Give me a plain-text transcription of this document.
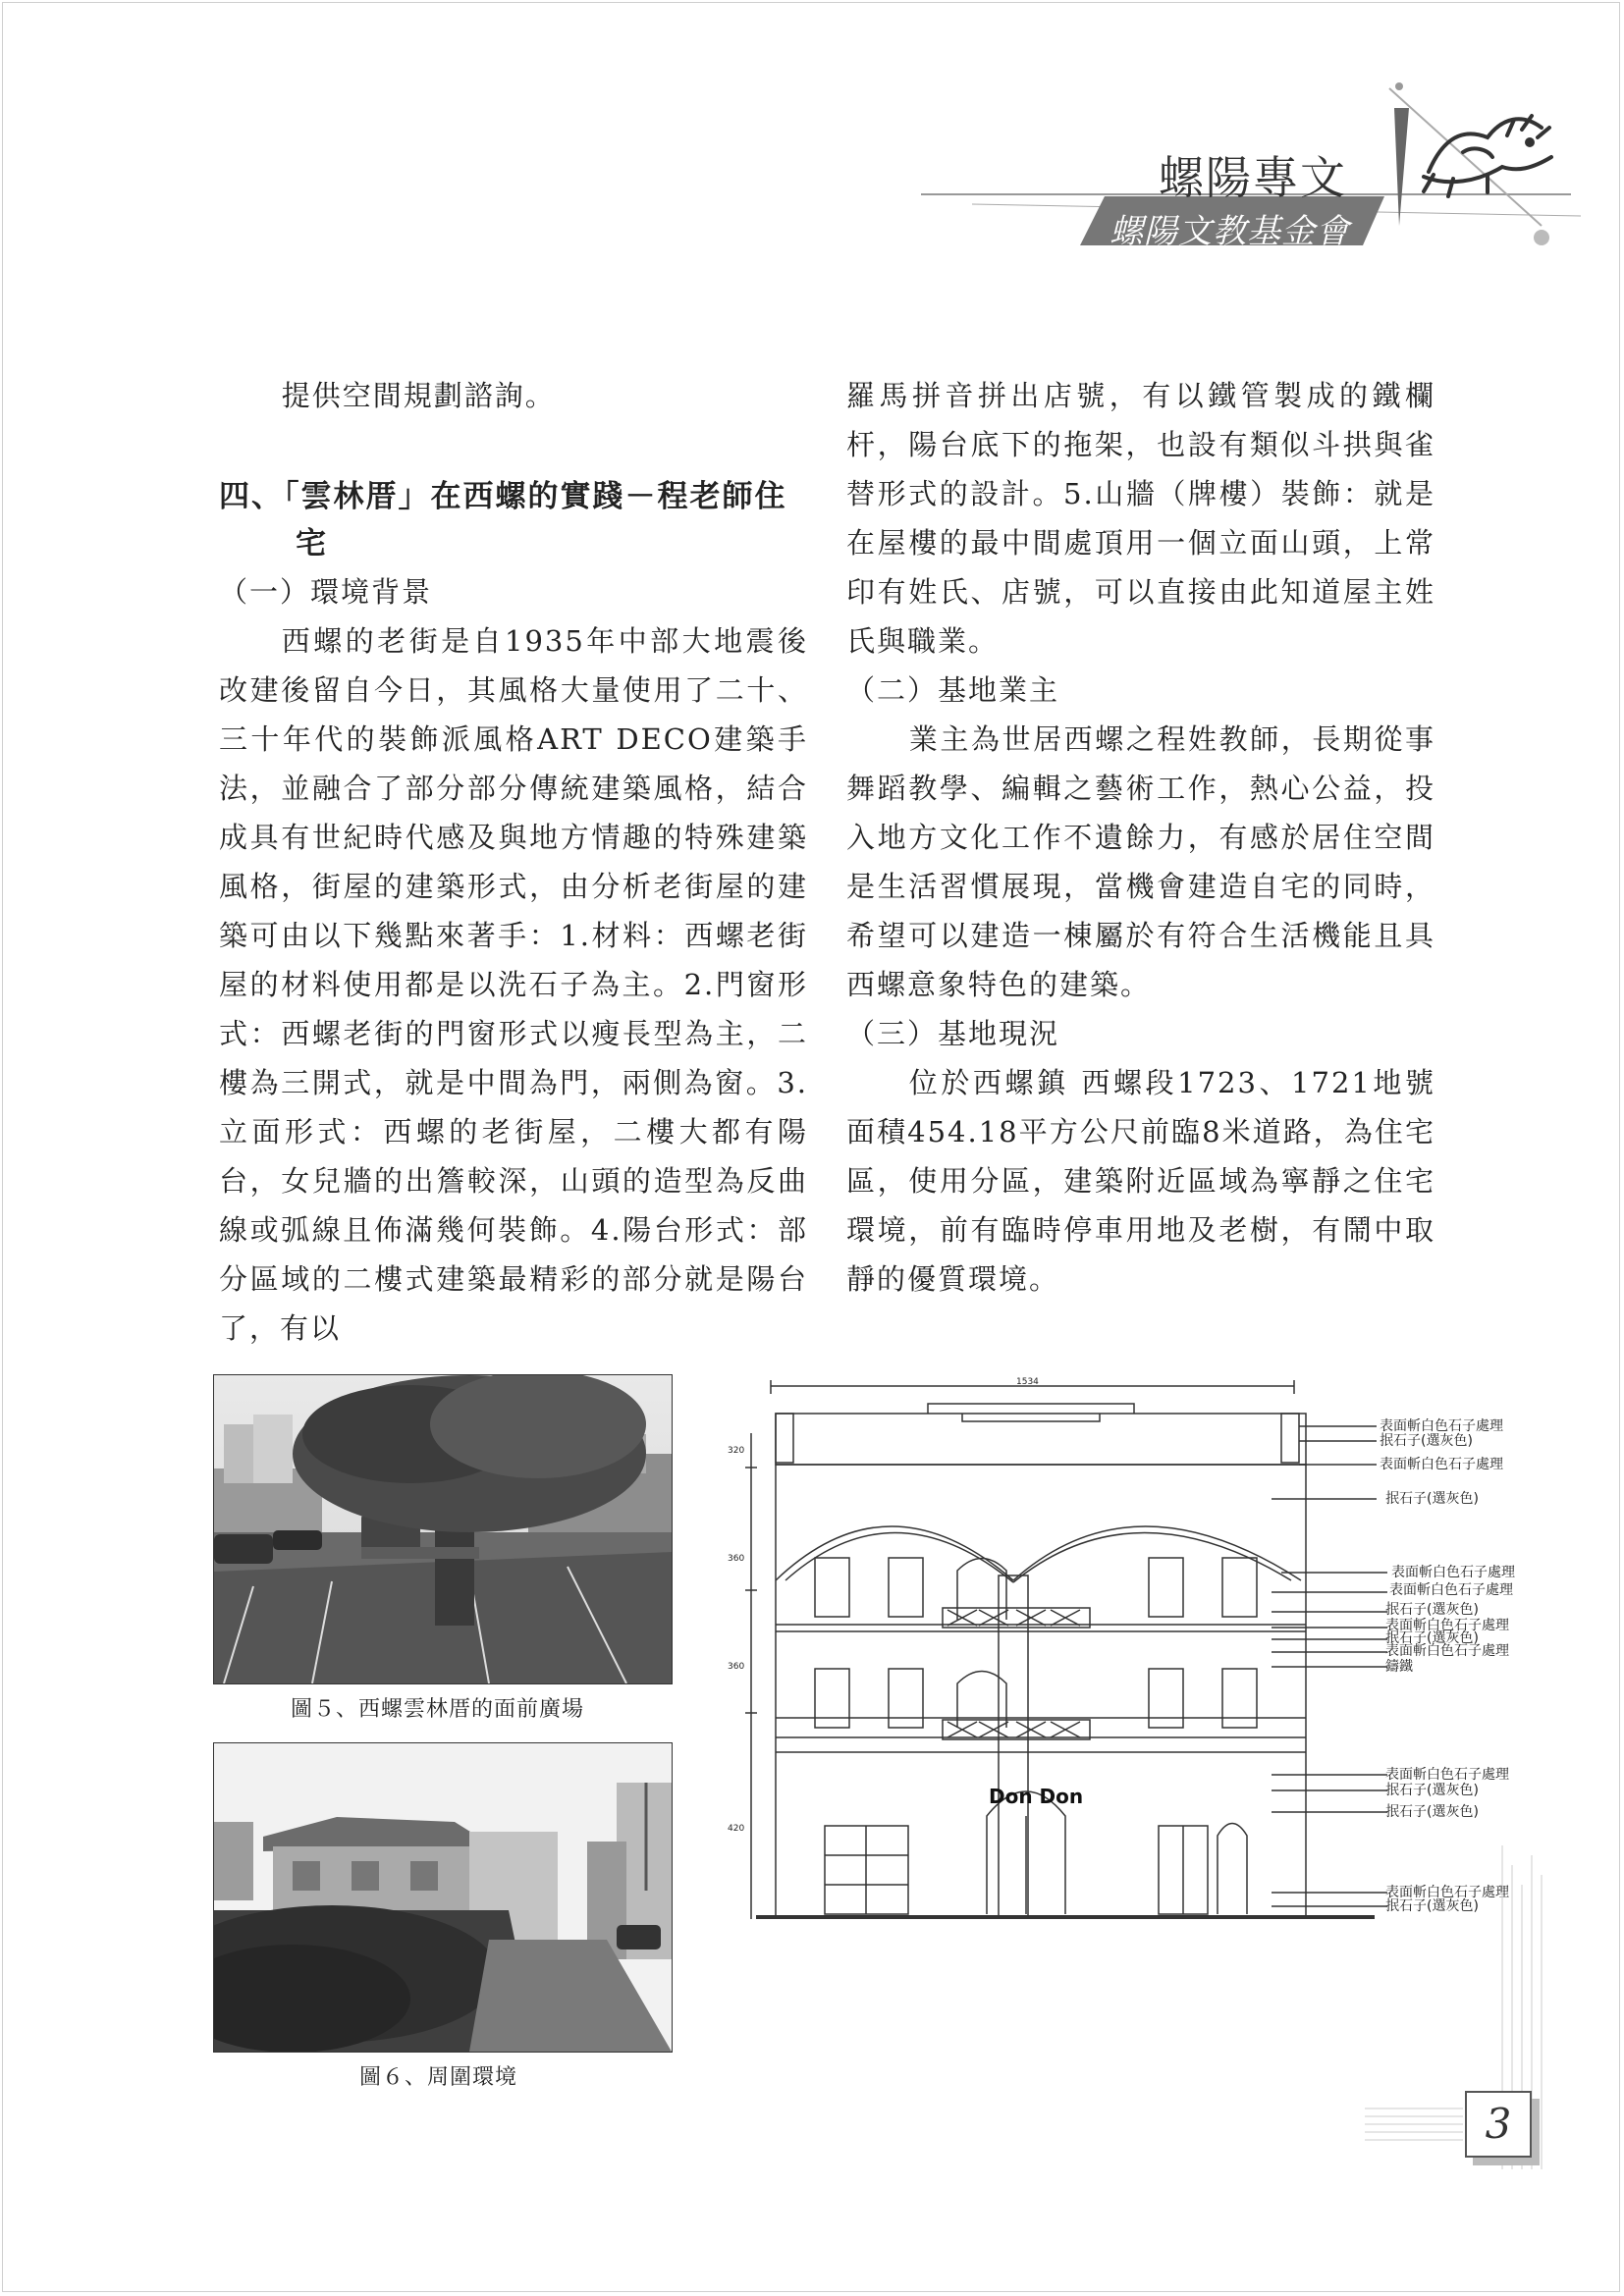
螺陽專文
螺陽文教基金會

提供空間規劃諮詢。

四、「雲林厝」在西螺的實踐－程老師住宅

（一）環境背景

西螺的老街是自1935年中部大地震後改建後留自今日，其風格大量使用了二十、三十年代的裝飾派風格ART DECO建築手法，並融合了部分部分傳統建築風格，結合成具有世紀時代感及與地方情趣的特殊建築風格，街屋的建築形式，由分析老街屋的建築可由以下幾點來著手：1.材料：西螺老街屋的材料使用都是以洗石子為主。2.門窗形式：西螺老街的門窗形式以瘦長型為主，二樓為三開式，就是中間為門，兩側為窗。3.立面形式：西螺的老街屋，二樓大都有陽台，女兒牆的出簷較深，山頭的造型為反曲線或弧線且佈滿幾何裝飾。4.陽台形式：部分區域的二樓式建築最精彩的部分就是陽台了，有以

羅馬拼音拼出店號，有以鐵管製成的鐵欄杆，陽台底下的拖架，也設有類似斗拱與雀替形式的設計。5.山牆（牌樓）裝飾：就是在屋樓的最中間處頂用一個立面山頭，上常印有姓氏、店號，可以直接由此知道屋主姓氏與職業。

（二）基地業主

業主為世居西螺之程姓教師，長期從事舞蹈教學、編輯之藝術工作，熱心公益，投入地方文化工作不遺餘力，有感於居住空間是生活習慣展現，當機會建造自宅的同時，希望可以建造一棟屬於有符合生活機能且具西螺意象特色的建築。

（三）基地現況

位於西螺鎮 西螺段1723、1721地號面積454.18平方公尺前臨8米道路，為住宅區，使用分區，建築附近區域為寧靜之住宅環境，前有臨時停車用地及老樹，有鬧中取靜的優質環境。

圖５、西螺雲林厝的面前廣場
圖６、周圍環境
1534
320
360
360
420
Don Don
表面斬白色石子處理
抿石子(選灰色)
表面斬白色石子處理
抿石子(選灰色)
表面斬白色石子處理
表面斬白色石子處理
抿石子(選灰色)
表面斬白色石子處理
抿石子(選灰色)
表面斬白色石子處理
鑄鐵
表面斬白色石子處理
抿石子(選灰色)
抿石子(選灰色)
表面斬白色石子處理
抿石子(選灰色)
3
